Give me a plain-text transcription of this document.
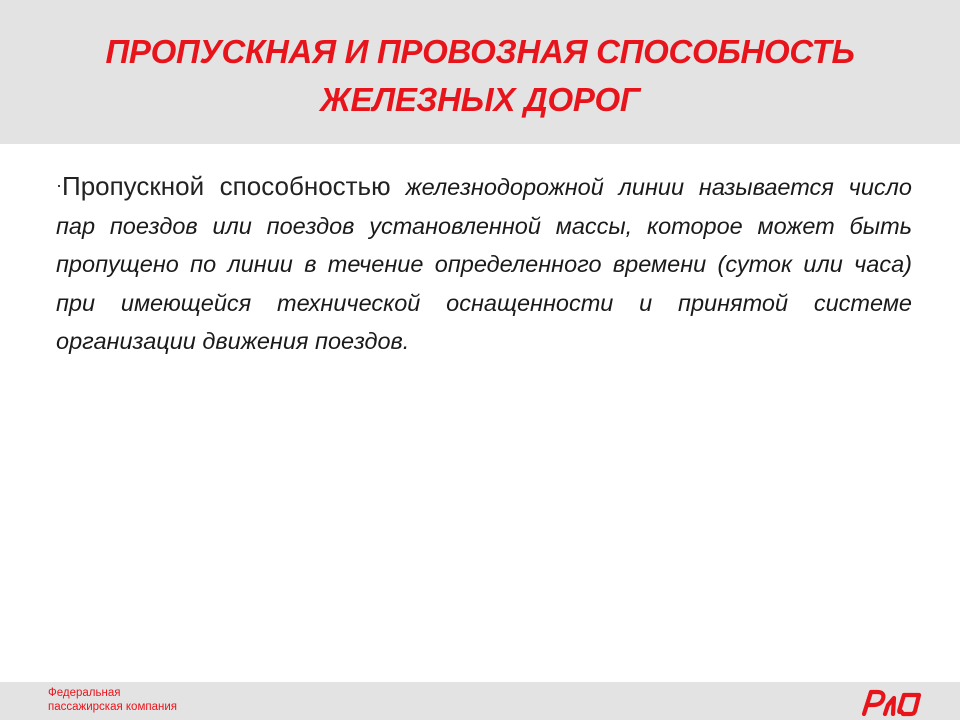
ПРОПУСКНАЯ И ПРОВОЗНАЯ СПОСОБНОСТЬ
ЖЕЛЕЗНЫХ ДОРОГ

·Пропускной способностью железнодорожной линии называется число пар поездов или поездов установленной массы, которое может быть пропущено по линии в течение определенного времени (суток или часа) при имеющейся технической оснащенности и принятой системе организации движения поездов.

Федеральная
пассажирская компания
